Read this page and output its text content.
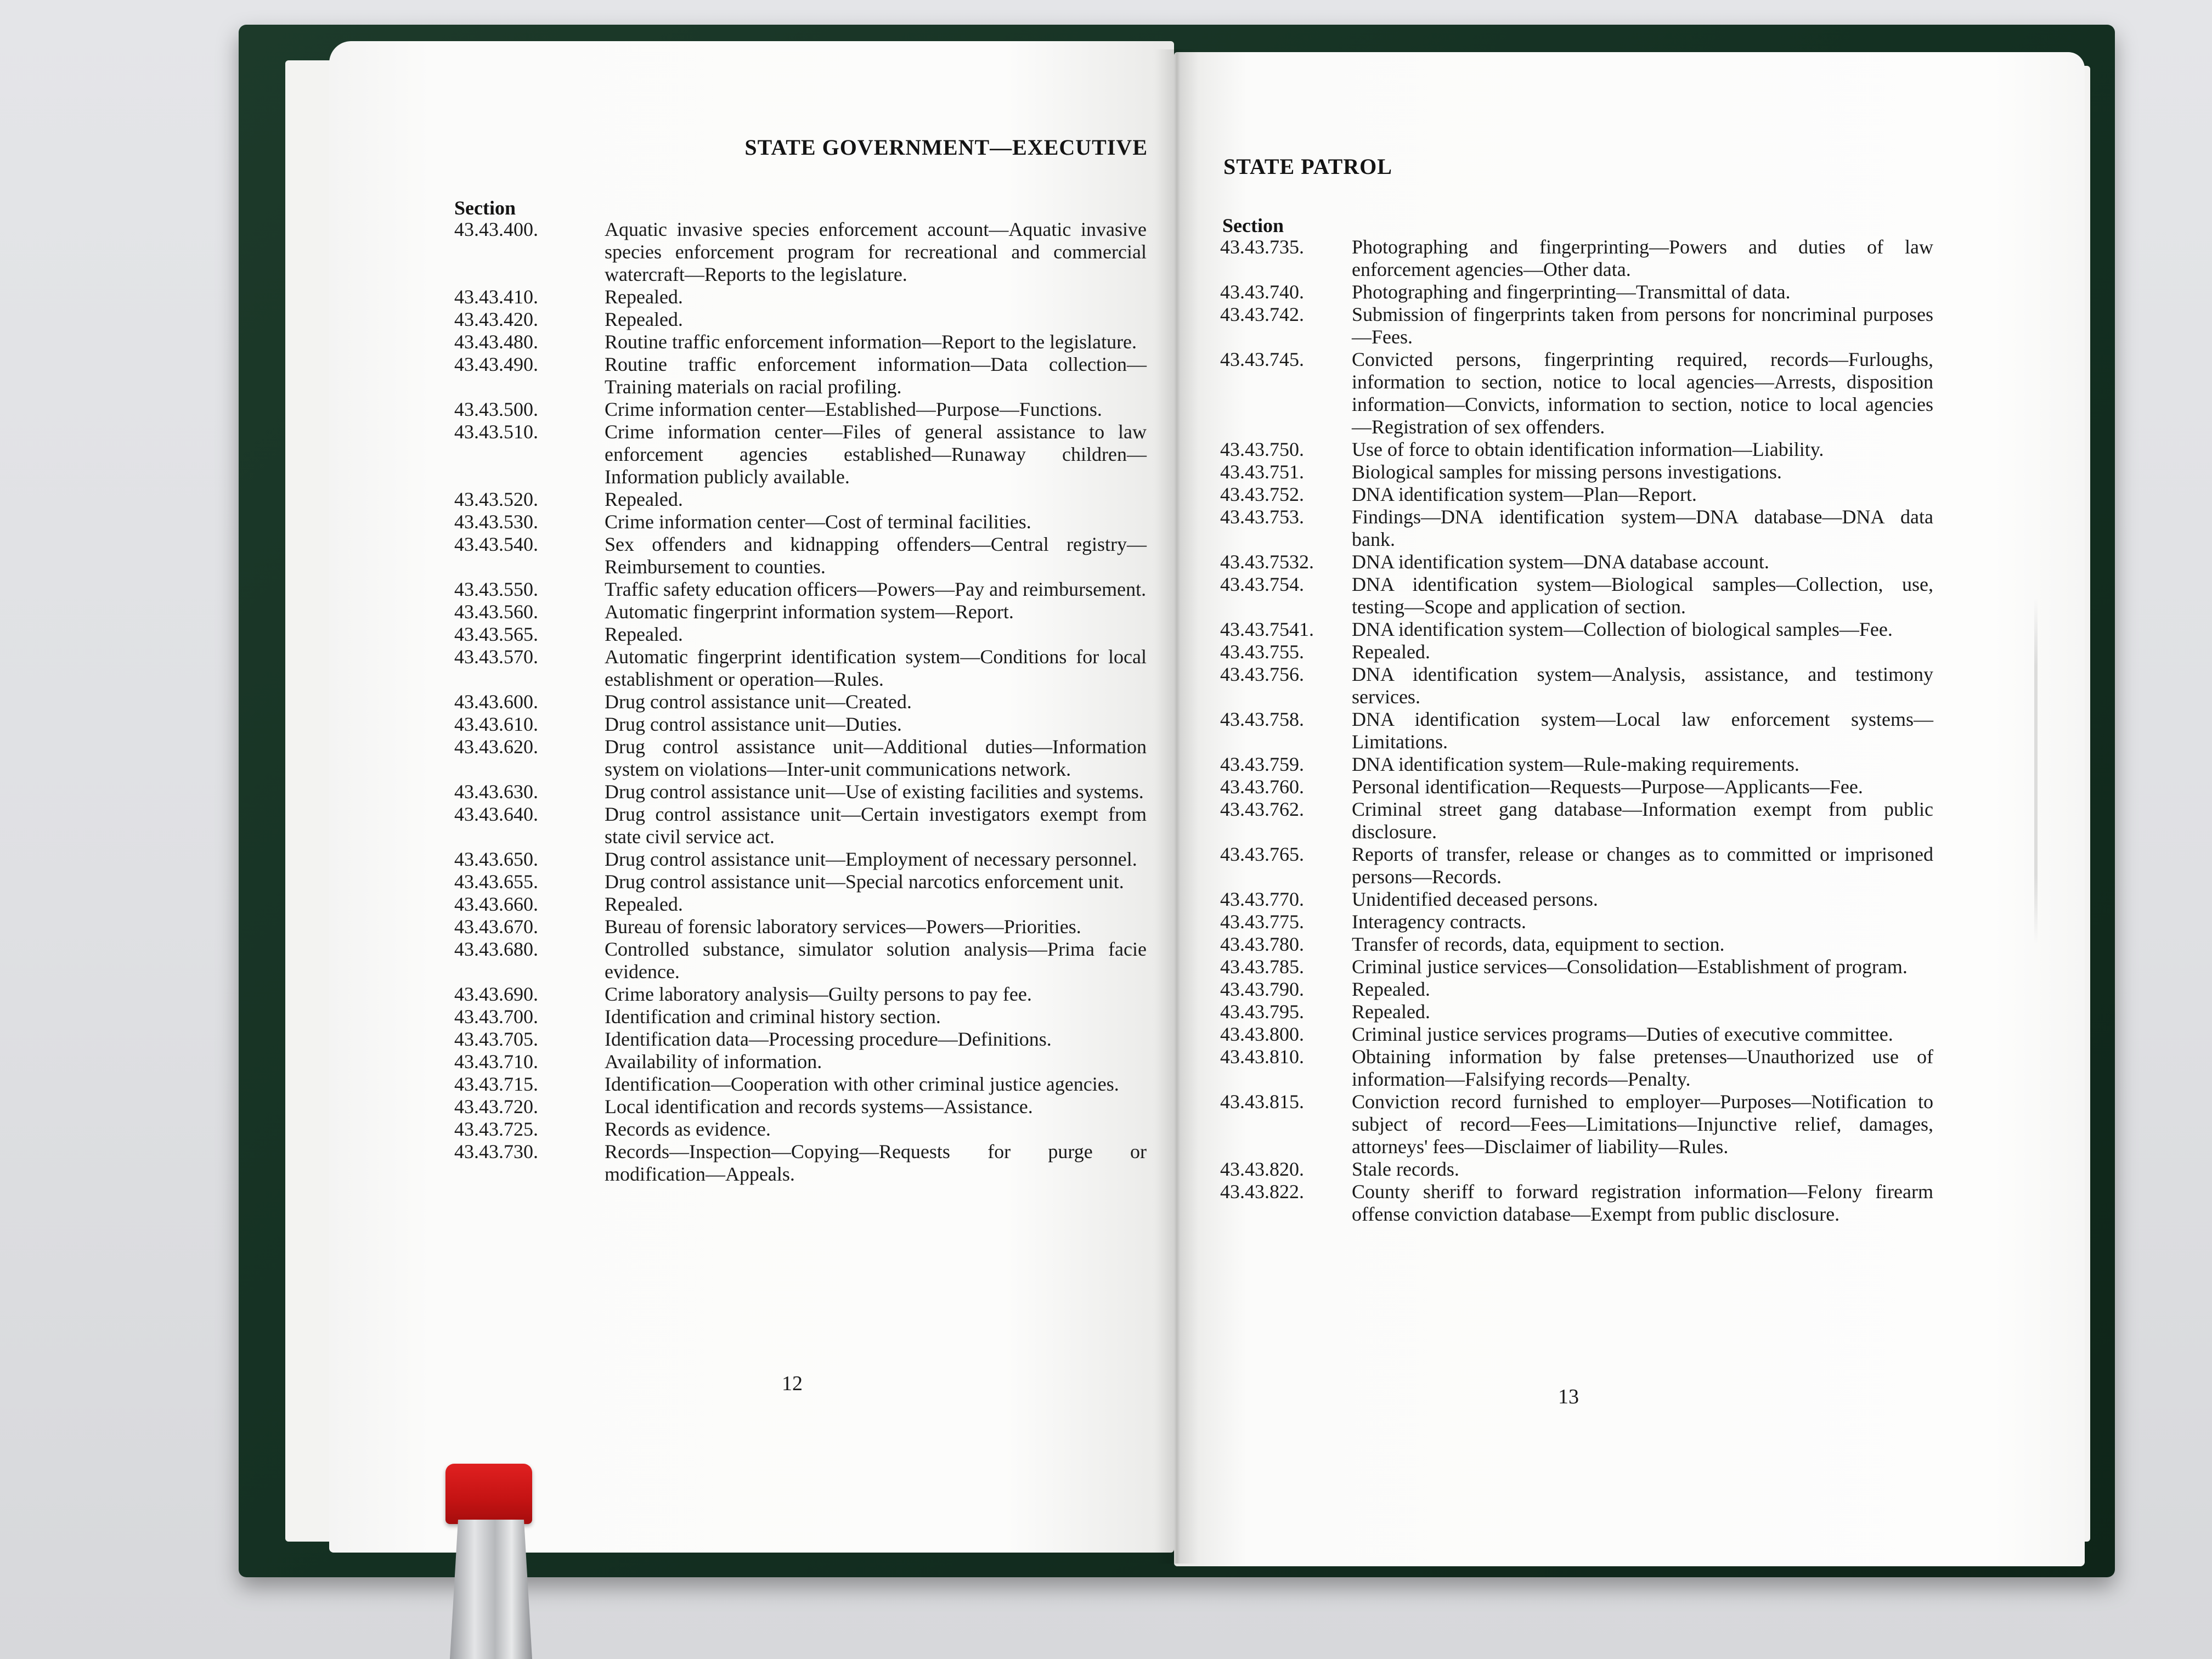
STATE GOVERNMENT—EXECUTIVE
Section
43.43.400.	Aquatic invasive species enforcement account—Aquatic invasive species enforcement program for recreational and commercial watercraft—Reports to the legislature.
43.43.410.	Repealed.
43.43.420.	Repealed.
43.43.480.	Routine traffic enforcement information—Report to the legislature.
43.43.490.	Routine traffic enforcement information—Data collection—Training materials on racial profiling.
43.43.500.	Crime information center—Established—Purpose—Functions.
43.43.510.	Crime information center—Files of general assistance to law enforcement agencies established—Runaway children—Information publicly available.
43.43.520.	Repealed.
43.43.530.	Crime information center—Cost of terminal facilities.
43.43.540.	Sex offenders and kidnapping offenders—Central registry—Reimbursement to counties.
43.43.550.	Traffic safety education officers—Powers—Pay and reimbursement.
43.43.560.	Automatic fingerprint information system—Report.
43.43.565.	Repealed.
43.43.570.	Automatic fingerprint identification system—Conditions for local establishment or operation—Rules.
43.43.600.	Drug control assistance unit—Created.
43.43.610.	Drug control assistance unit—Duties.
43.43.620.	Drug control assistance unit—Additional duties—Information system on violations—Inter-unit communications network.
43.43.630.	Drug control assistance unit—Use of existing facilities and systems.
43.43.640.	Drug control assistance unit—Certain investigators exempt from state civil service act.
43.43.650.	Drug control assistance unit—Employment of necessary personnel.
43.43.655.	Drug control assistance unit—Special narcotics enforcement unit.
43.43.660.	Repealed.
43.43.670.	Bureau of forensic laboratory services—Powers—Priorities.
43.43.680.	Controlled substance, simulator solution analysis—Prima facie evidence.
43.43.690.	Crime laboratory analysis—Guilty persons to pay fee.
43.43.700.	Identification and criminal history section.
43.43.705.	Identification data—Processing procedure—Definitions.
43.43.710.	Availability of information.
43.43.715.	Identification—Cooperation with other criminal justice agencies.
43.43.720.	Local identification and records systems—Assistance.
43.43.725.	Records as evidence.
43.43.730.	Records—Inspection—Copying—Requests for purge or modification—Appeals.
12
STATE PATROL
Section
43.43.735.	Photographing and fingerprinting—Powers and duties of law enforcement agencies—Other data.
43.43.740.	Photographing and fingerprinting—Transmittal of data.
43.43.742.	Submission of fingerprints taken from persons for noncriminal purposes—Fees.
43.43.745.	Convicted persons, fingerprinting required, records—Furloughs, information to section, notice to local agencies—Arrests, disposition information—Convicts, information to section, notice to local agencies—Registration of sex offenders.
43.43.750.	Use of force to obtain identification information—Liability.
43.43.751.	Biological samples for missing persons investigations.
43.43.752.	DNA identification system—Plan—Report.
43.43.753.	Findings—DNA identification system—DNA database—DNA data bank.
43.43.7532.	DNA identification system—DNA database account.
43.43.754.	DNA identification system—Biological samples—Collection, use, testing—Scope and application of section.
43.43.7541.	DNA identification system—Collection of biological samples—Fee.
43.43.755.	Repealed.
43.43.756.	DNA identification system—Analysis, assistance, and testimony services.
43.43.758.	DNA identification system—Local law enforcement systems—Limitations.
43.43.759.	DNA identification system—Rule-making requirements.
43.43.760.	Personal identification—Requests—Purpose—Applicants—Fee.
43.43.762.	Criminal street gang database—Information exempt from public disclosure.
43.43.765.	Reports of transfer, release or changes as to committed or imprisoned persons—Records.
43.43.770.	Unidentified deceased persons.
43.43.775.	Interagency contracts.
43.43.780.	Transfer of records, data, equipment to section.
43.43.785.	Criminal justice services—Consolidation—Establishment of program.
43.43.790.	Repealed.
43.43.795.	Repealed.
43.43.800.	Criminal justice services programs—Duties of executive committee.
43.43.810.	Obtaining information by false pretenses—Unauthorized use of information—Falsifying records—Penalty.
43.43.815.	Conviction record furnished to employer—Purposes—Notification to subject of record—Fees—Limitations—Injunctive relief, damages, attorneys' fees—Disclaimer of liability—Rules.
43.43.820.	Stale records.
43.43.822.	County sheriff to forward registration information—Felony firearm offense conviction database—Exempt from public disclosure.
13
